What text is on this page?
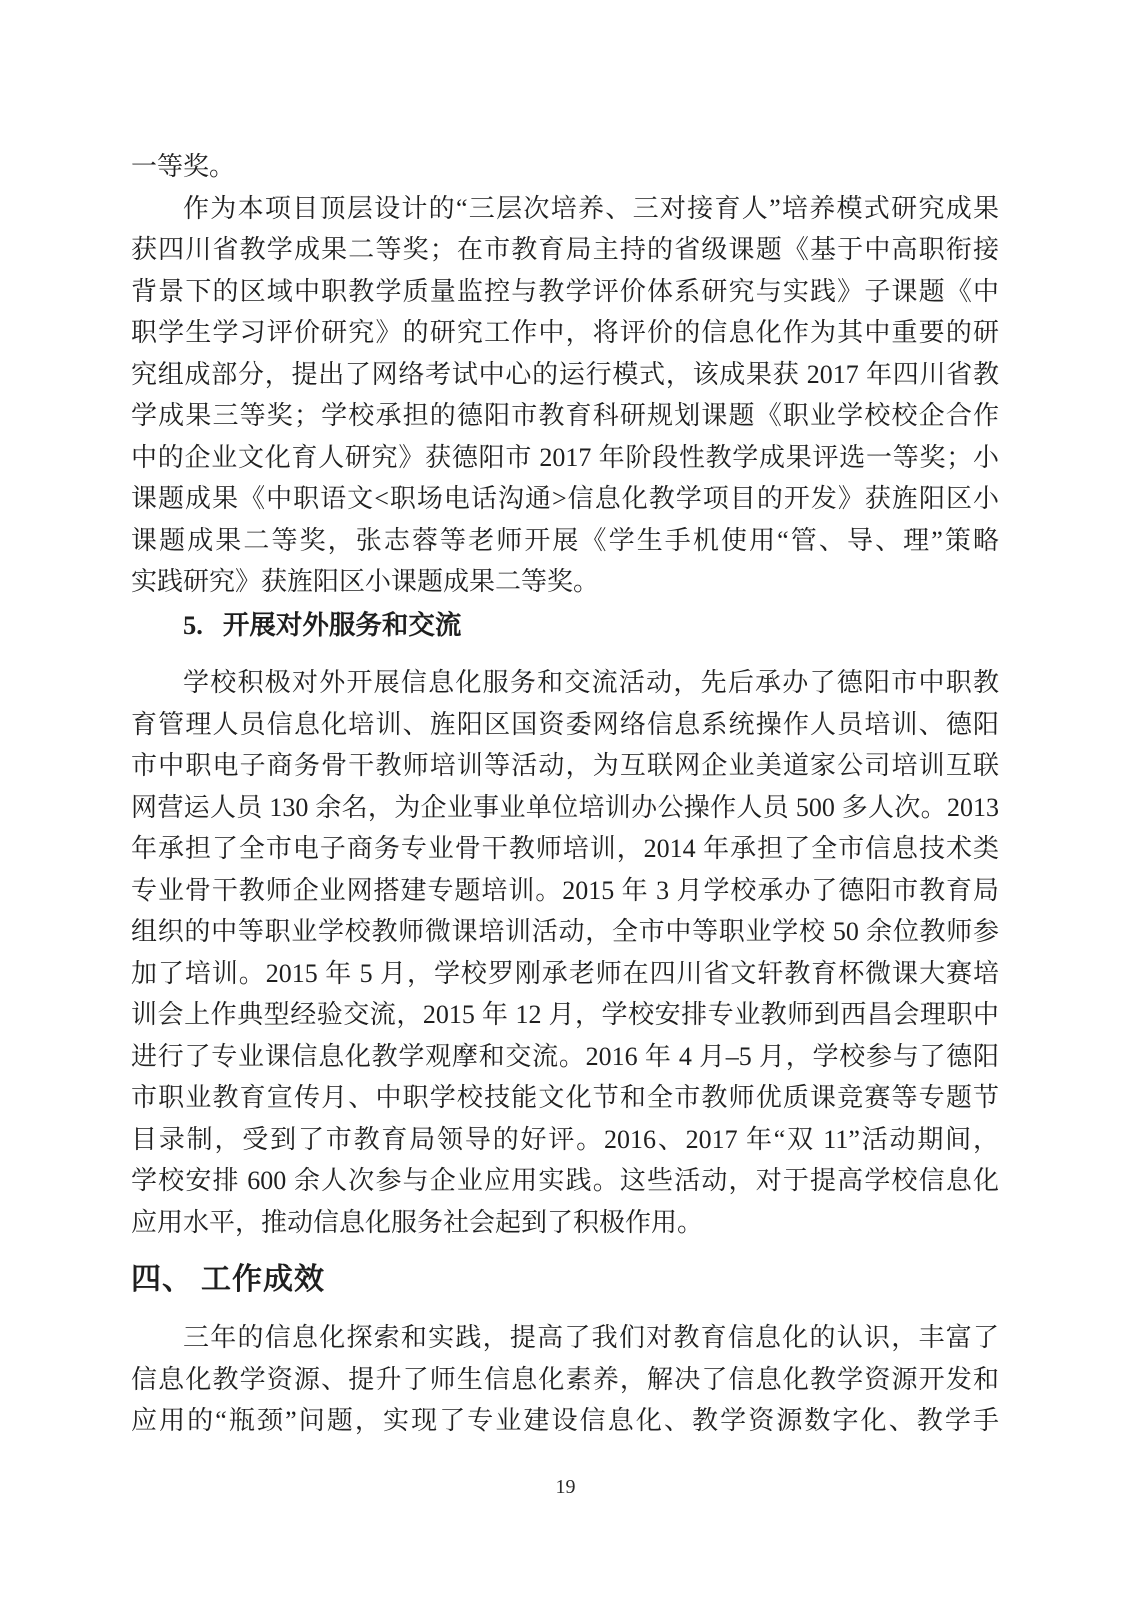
一等奖。
作为本项目顶层设计的“三层次培养、三对接育人”培养模式研究成果
获四川省教学成果二等奖；在市教育局主持的省级课题《基于中高职衔接
背景下的区域中职教学质量监控与教学评价体系研究与实践》子课题《中
职学生学习评价研究》的研究工作中，将评价的信息化作为其中重要的研
究组成部分，提出了网络考试中心的运行模式，该成果获 2017 年四川省教
学成果三等奖；学校承担的德阳市教育科研规划课题《职业学校校企合作
中的企业文化育人研究》获德阳市 2017 年阶段性教学成果评选一等奖；小
课题成果《中职语文<职场电话沟通>信息化教学项目的开发》获旌阳区小
课题成果二等奖，张志蓉等老师开展《学生手机使用“管、导、理”策略
实践研究》获旌阳区小课题成果二等奖。
5. 开展对外服务和交流
学校积极对外开展信息化服务和交流活动，先后承办了德阳市中职教
育管理人员信息化培训、旌阳区国资委网络信息系统操作人员培训、德阳
市中职电子商务骨干教师培训等活动，为互联网企业美道家公司培训互联
网营运人员 130 余名，为企业事业单位培训办公操作人员 500 多人次。2013
年承担了全市电子商务专业骨干教师培训，2014 年承担了全市信息技术类
专业骨干教师企业网搭建专题培训。2015 年 3 月学校承办了德阳市教育局
组织的中等职业学校教师微课培训活动，全市中等职业学校 50 余位教师参
加了培训。2015 年 5 月，学校罗刚承老师在四川省文轩教育杯微课大赛培
训会上作典型经验交流，2015 年 12 月，学校安排专业教师到西昌会理职中
进行了专业课信息化教学观摩和交流。2016 年 4 月–5 月，学校参与了德阳
市职业教育宣传月、中职学校技能文化节和全市教师优质课竞赛等专题节
目录制，受到了市教育局领导的好评。2016、2017 年“双 11”活动期间，
学校安排 600 余人次参与企业应用实践。这些活动，对于提高学校信息化
应用水平，推动信息化服务社会起到了积极作用。
四、 工作成效
三年的信息化探索和实践，提高了我们对教育信息化的认识，丰富了
信息化教学资源、提升了师生信息化素养，解决了信息化教学资源开发和
应用的“瓶颈”问题，实现了专业建设信息化、教学资源数字化、教学手
19
